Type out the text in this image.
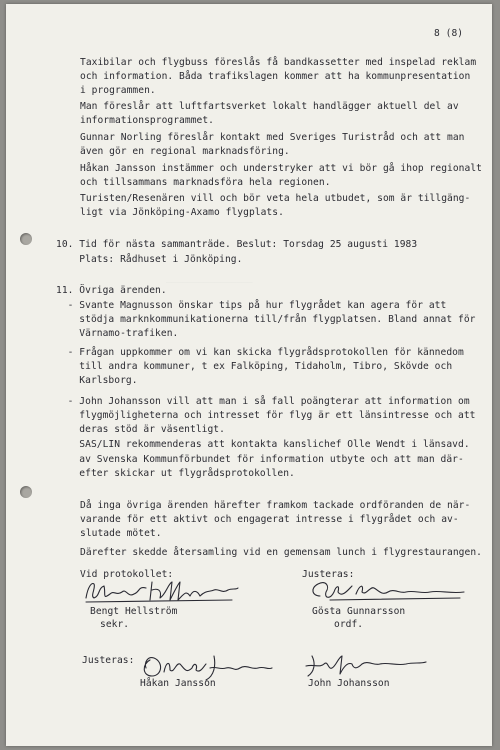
________________
8 (8)
Taxibilar och flygbuss föreslås få bandkassetter med inspelad reklam
och information. Båda trafikslagen kommer att ha kommunpresentation
i programmen.
Man föreslår att luftfartsverket lokalt handlägger aktuell del av
informationsprogrammet.
Gunnar Norling föreslår kontakt med Sveriges Turistråd och att man
även gör en regional marknadsföring.
Håkan Jansson instämmer och understryker att vi bör gå ihop regionalt
och tillsammans marknadsföra hela regionen.
Turisten/Resenären vill och bör veta hela utbudet, som är tillgäng-
ligt via Jönköping-Axamo flygplats.
10. Tid för nästa sammanträde. Beslut: Torsdag 25 augusti 1983
Plats: Rådhuset i Jönköping.
11. Övriga ärenden.
- Svante Magnusson önskar tips på hur flygrådet kan agera för att
stödja marknkommunikationerna till/från flygplatsen. Bland annat för
Värnamo-trafiken.
- Frågan uppkommer om vi kan skicka flygrådsprotokollen för kännedom
till andra kommuner, t ex Falköping, Tidaholm, Tibro, Skövde och
Karlsborg.
- John Johansson vill att man i så fall poängterar att information om
flygmöjligheterna och intresset för flyg är ett länsintresse och att
deras stöd är väsentligt.
SAS/LIN rekommenderas att kontakta kanslichef Olle Wendt i länsavd.
av Svenska Kommunförbundet för information utbyte och att man där-
efter skickar ut flygrådsprotokollen.
Då inga övriga ärenden härefter framkom tackade ordföranden de när-
varande för ett aktivt och engagerat intresse i flygrådet och av-
slutade mötet.
Därefter skedde återsamling vid en gemensam lunch i flygrestaurangen.
Vid protokollet:	Justeras:
Bengt Hellström
sekr.
Gösta Gunnarsson
ordf.
Justeras:
Håkan Jansson	John Johansson
